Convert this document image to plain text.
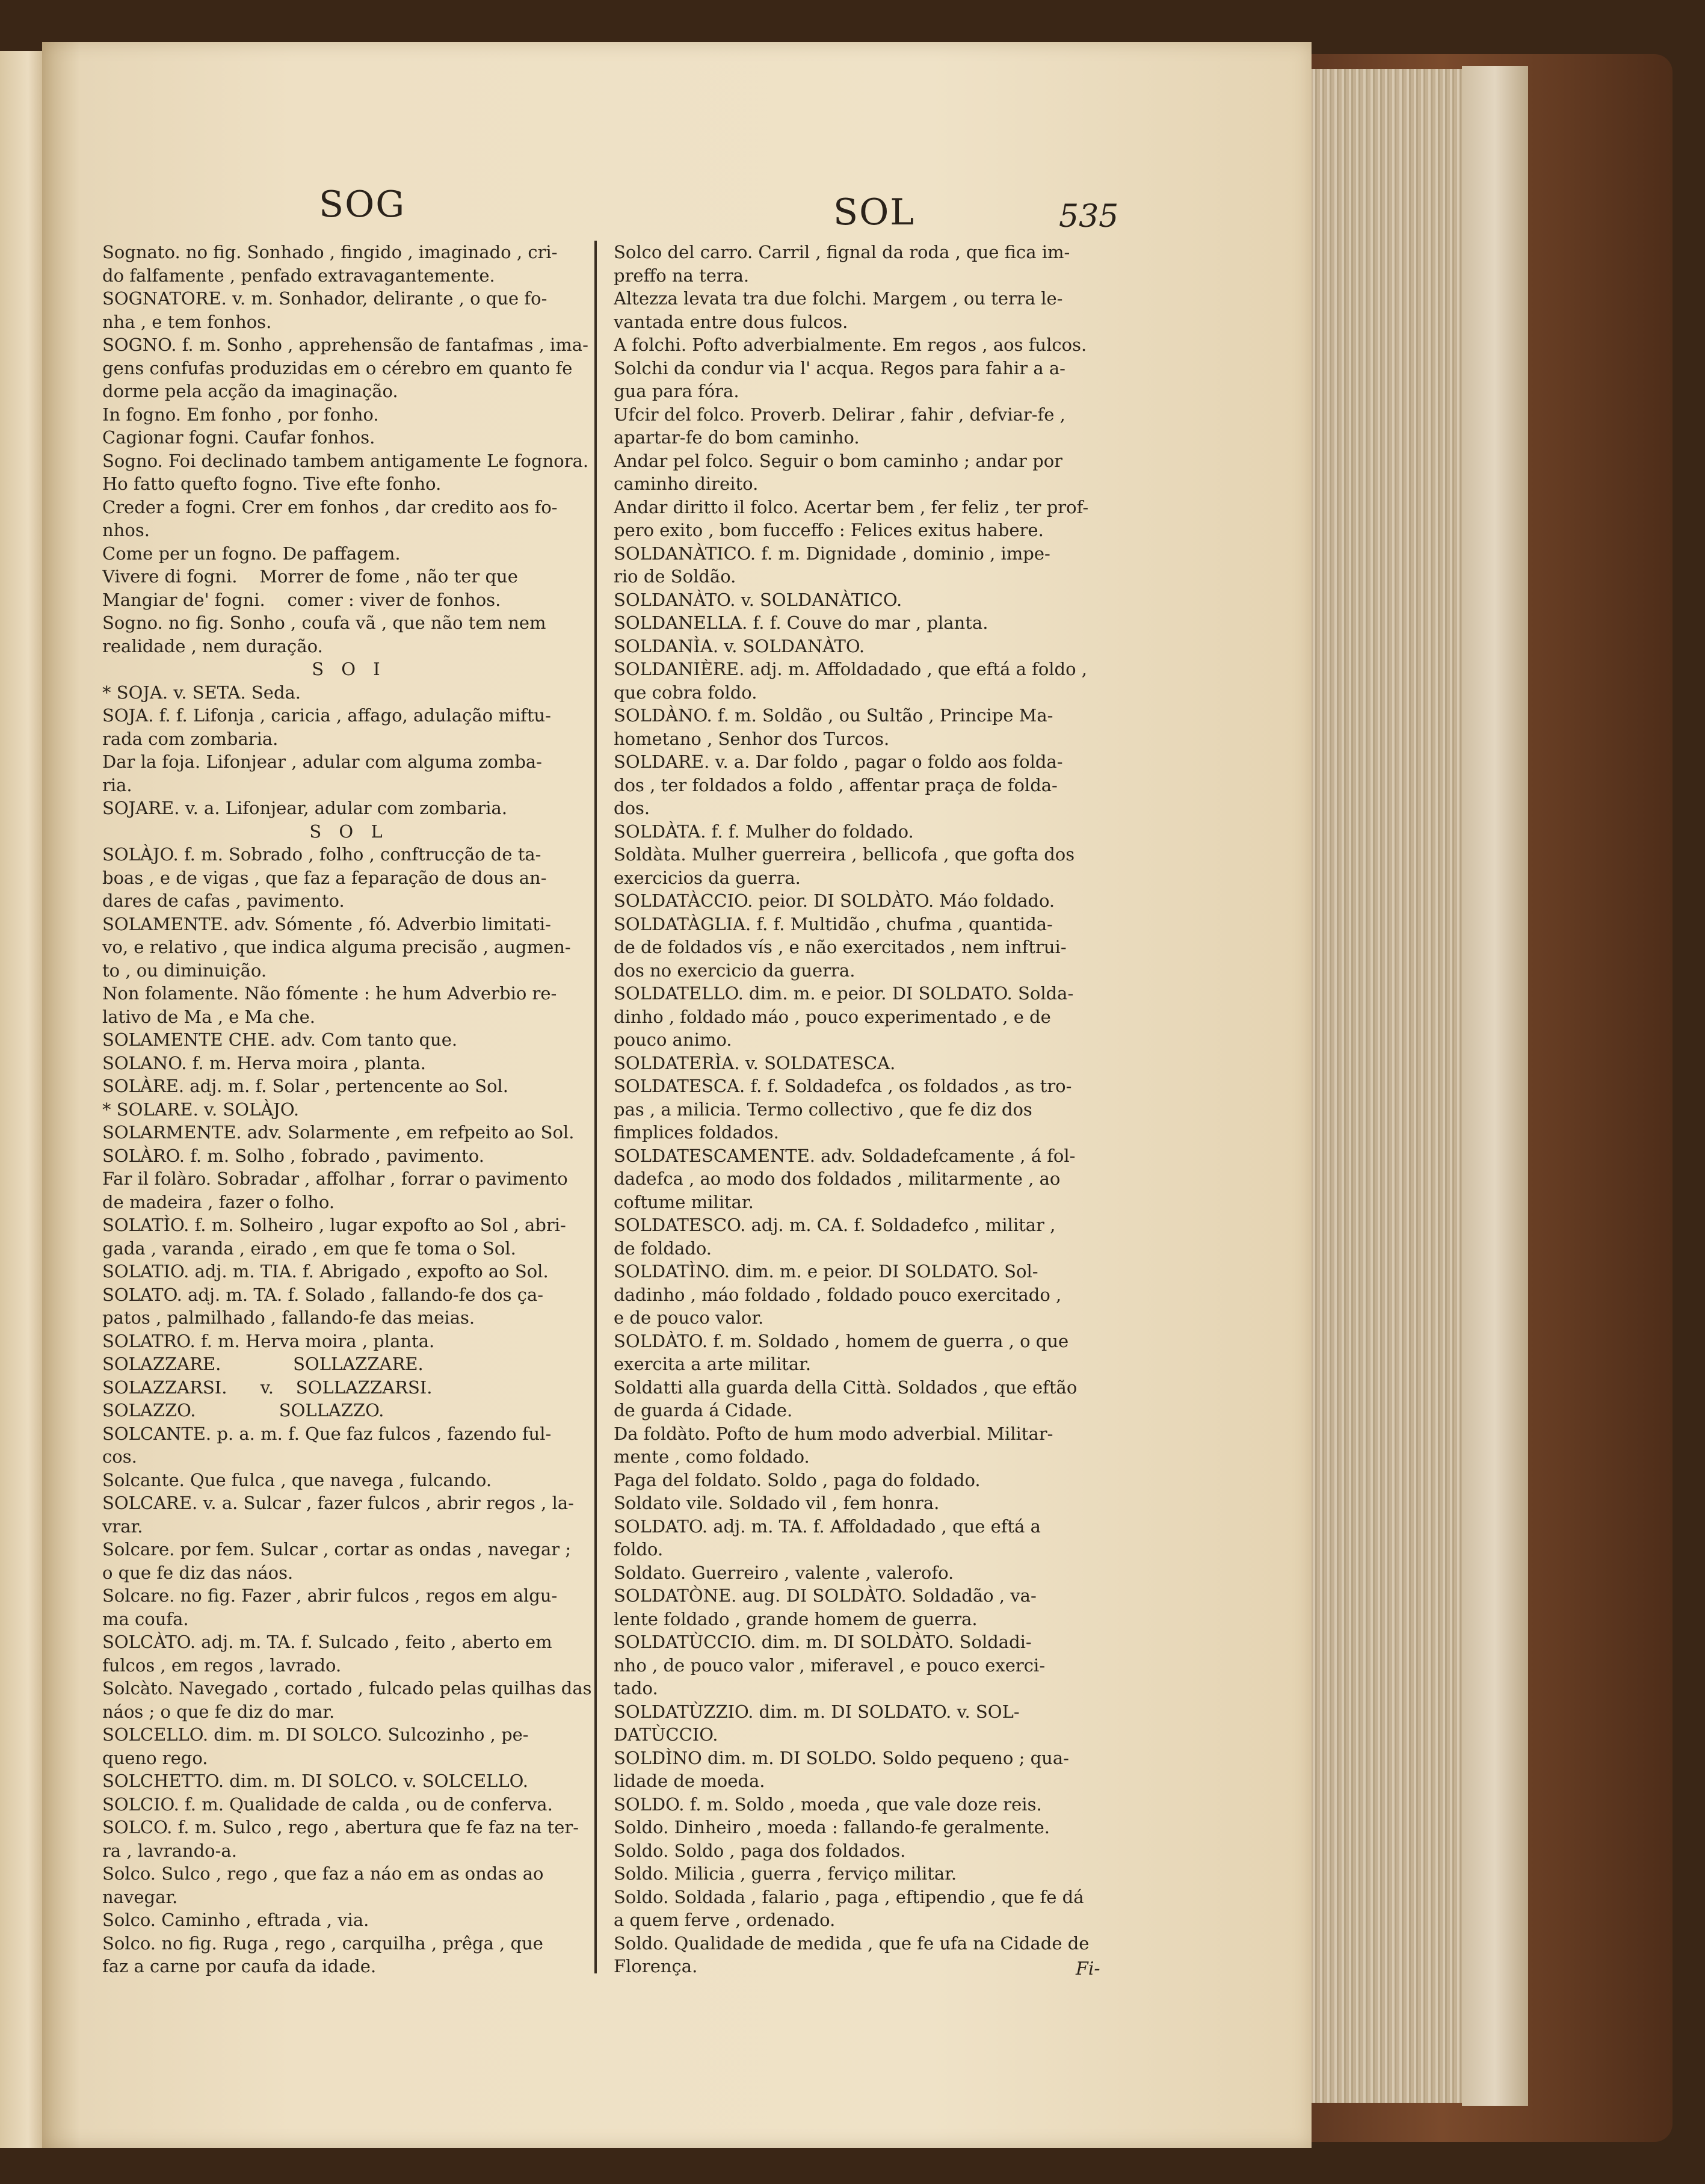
SOG	SOL	535
Sognato. no fig. Sonhado , fingido , imaginado , cri-
do falfamente , penfado extravagantemente.
SOGNATORE. v. m. Sonhador, delirante , o que fo-
nha , e tem fonhos.
SOGNO. f. m. Sonho , apprehensão de fantafmas , ima-
gens confufas produzidas em o cérebro em quanto fe
dorme pela acção da imaginação.
In fogno. Em fonho , por fonho.
Cagionar fogni. Caufar fonhos.
Sogno. Foi declinado tambem antigamente Le fognora.
Ho fatto quefto fogno. Tive efte fonho.
Creder a fogni. Crer em fonhos , dar credito aos fo-
nhos.
Come per un fogno. De paffagem.
Vivere di fogni.    Morrer de fome , não ter que
Mangiar de' fogni.    comer : viver de fonhos.
Sogno. no fig. Sonho , coufa vã , que não tem nem
realidade , nem duração.
S O I
* SOJA. v. SETA. Seda.
SOJA. f. f. Lifonja , caricia , affago, adulação miftu-
rada com zombaria.
Dar la foja. Lifonjear , adular com alguma zomba-
ria.
SOJARE. v. a. Lifonjear, adular com zombaria.
S O L
SOLÀJO. f. m. Sobrado , folho , conftrucção de ta-
boas , e de vigas , que faz a feparação de dous an-
dares de cafas , pavimento.
SOLAMENTE. adv. Sómente , fó. Adverbio limitati-
vo, e relativo , que indica alguma precisão , augmen-
to , ou diminuição.
Non folamente. Não fómente : he hum Adverbio re-
lativo de Ma , e Ma che.
SOLAMENTE CHE. adv. Com tanto que.
SOLANO. f. m. Herva moira , planta.
SOLÀRE. adj. m. f. Solar , pertencente ao Sol.
* SOLARE. v. SOLÀJO.
SOLARMENTE. adv. Solarmente , em refpeito ao Sol.
SOLÀRO. f. m. Solho , fobrado , pavimento.
Far il folàro. Sobradar , affolhar , forrar o pavimento
de madeira , fazer o folho.
SOLATÌO. f. m. Solheiro , lugar expofto ao Sol , abri-
gada , varanda , eirado , em que fe toma o Sol.
SOLATIO. adj. m. TIA. f. Abrigado , expofto ao Sol.
SOLATO. adj. m. TA. f. Solado , fallando-fe dos ça-
patos , palmilhado , fallando-fe das meias.
SOLATRO. f. m. Herva moira , planta.
SOLAZZARE.             SOLLAZZARE.
SOLAZZARSI.      v.    SOLLAZZARSI.
SOLAZZO.               SOLLAZZO.
SOLCANTE. p. a. m. f. Que faz fulcos , fazendo ful-
cos.
Solcante. Que fulca , que navega , fulcando.
SOLCARE. v. a. Sulcar , fazer fulcos , abrir regos , la-
vrar.
Solcare. por fem. Sulcar , cortar as ondas , navegar ;
o que fe diz das náos.
Solcare. no fig. Fazer , abrir fulcos , regos em algu-
ma coufa.
SOLCÀTO. adj. m. TA. f. Sulcado , feito , aberto em
fulcos , em regos , lavrado.
Solcàto. Navegado , cortado , fulcado pelas quilhas das
náos ; o que fe diz do mar.
SOLCELLO. dim. m. DI SOLCO. Sulcozinho , pe-
queno rego.
SOLCHETTO. dim. m. DI SOLCO. v. SOLCELLO.
SOLCIO. f. m. Qualidade de calda , ou de conferva.
SOLCO. f. m. Sulco , rego , abertura que fe faz na ter-
ra , lavrando-a.
Solco. Sulco , rego , que faz a náo em as ondas ao
navegar.
Solco. Caminho , eftrada , via.
Solco. no fig. Ruga , rego , carquilha , prêga , que
faz a carne por caufa da idade.
Solco del carro. Carril , fignal da roda , que fica im-
preffo na terra.
Altezza levata tra due folchi. Margem , ou terra le-
vantada entre dous fulcos.
A folchi. Pofto adverbialmente. Em regos , aos fulcos.
Solchi da condur via l' acqua. Regos para fahir a a-
gua para fóra.
Ufcir del folco. Proverb. Delirar , fahir , defviar-fe ,
apartar-fe do bom caminho.
Andar pel folco. Seguir o bom caminho ; andar por
caminho direito.
Andar diritto il folco. Acertar bem , fer feliz , ter prof-
pero exito , bom fucceffo : Felices exitus habere.
SOLDANÀTICO. f. m. Dignidade , dominio , impe-
rio de Soldão.
SOLDANÀTO. v. SOLDANÀTICO.
SOLDANELLA. f. f. Couve do mar , planta.
SOLDANÌA. v. SOLDANÀTO.
SOLDANIÈRE. adj. m. Affoldadado , que eftá a foldo ,
que cobra foldo.
SOLDÀNO. f. m. Soldão , ou Sultão , Principe Ma-
hometano , Senhor dos Turcos.
SOLDARE. v. a. Dar foldo , pagar o foldo aos folda-
dos , ter foldados a foldo , affentar praça de folda-
dos.
SOLDÀTA. f. f. Mulher do foldado.
Soldàta. Mulher guerreira , bellicofa , que gofta dos
exercicios da guerra.
SOLDATÀCCIO. peior. DI SOLDÀTO. Máo foldado.
SOLDATÀGLIA. f. f. Multidão , chufma , quantida-
de de foldados vís , e não exercitados , nem inftrui-
dos no exercicio da guerra.
SOLDATELLO. dim. m. e peior. DI SOLDATO. Solda-
dinho , foldado máo , pouco experimentado , e de
pouco animo.
SOLDATERÌA. v. SOLDATESCA.
SOLDATESCA. f. f. Soldadefca , os foldados , as tro-
pas , a milicia. Termo collectivo , que fe diz dos
fimplices foldados.
SOLDATESCAMENTE. adv. Soldadefcamente , á fol-
dadefca , ao modo dos foldados , militarmente , ao
coftume militar.
SOLDATESCO. adj. m. CA. f. Soldadefco , militar ,
de foldado.
SOLDATÌNO. dim. m. e peior. DI SOLDATO. Sol-
dadinho , máo foldado , foldado pouco exercitado ,
e de pouco valor.
SOLDÀTO. f. m. Soldado , homem de guerra , o que
exercita a arte militar.
Soldatti alla guarda della Città. Soldados , que eftão
de guarda á Cidade.
Da foldàto. Pofto de hum modo adverbial. Militar-
mente , como foldado.
Paga del foldato. Soldo , paga do foldado.
Soldato vile. Soldado vil , fem honra.
SOLDATO. adj. m. TA. f. Affoldadado , que eftá a
foldo.
Soldato. Guerreiro , valente , valerofo.
SOLDATÒNE. aug. DI SOLDÀTO. Soldadão , va-
lente foldado , grande homem de guerra.
SOLDATÙCCIO. dim. m. DI SOLDÀTO. Soldadi-
nho , de pouco valor , miferavel , e pouco exerci-
tado.
SOLDATÙZZIO. dim. m. DI SOLDATO. v. SOL-
DATÙCCIO.
SOLDÌNO dim. m. DI SOLDO. Soldo pequeno ; qua-
lidade de moeda.
SOLDO. f. m. Soldo , moeda , que vale doze reis.
Soldo. Dinheiro , moeda : fallando-fe geralmente.
Soldo. Soldo , paga dos foldados.
Soldo. Milicia , guerra , ferviço militar.
Soldo. Soldada , falario , paga , eftipendio , que fe dá
a quem ferve , ordenado.
Soldo. Qualidade de medida , que fe ufa na Cidade de
Florença.	Fi-
